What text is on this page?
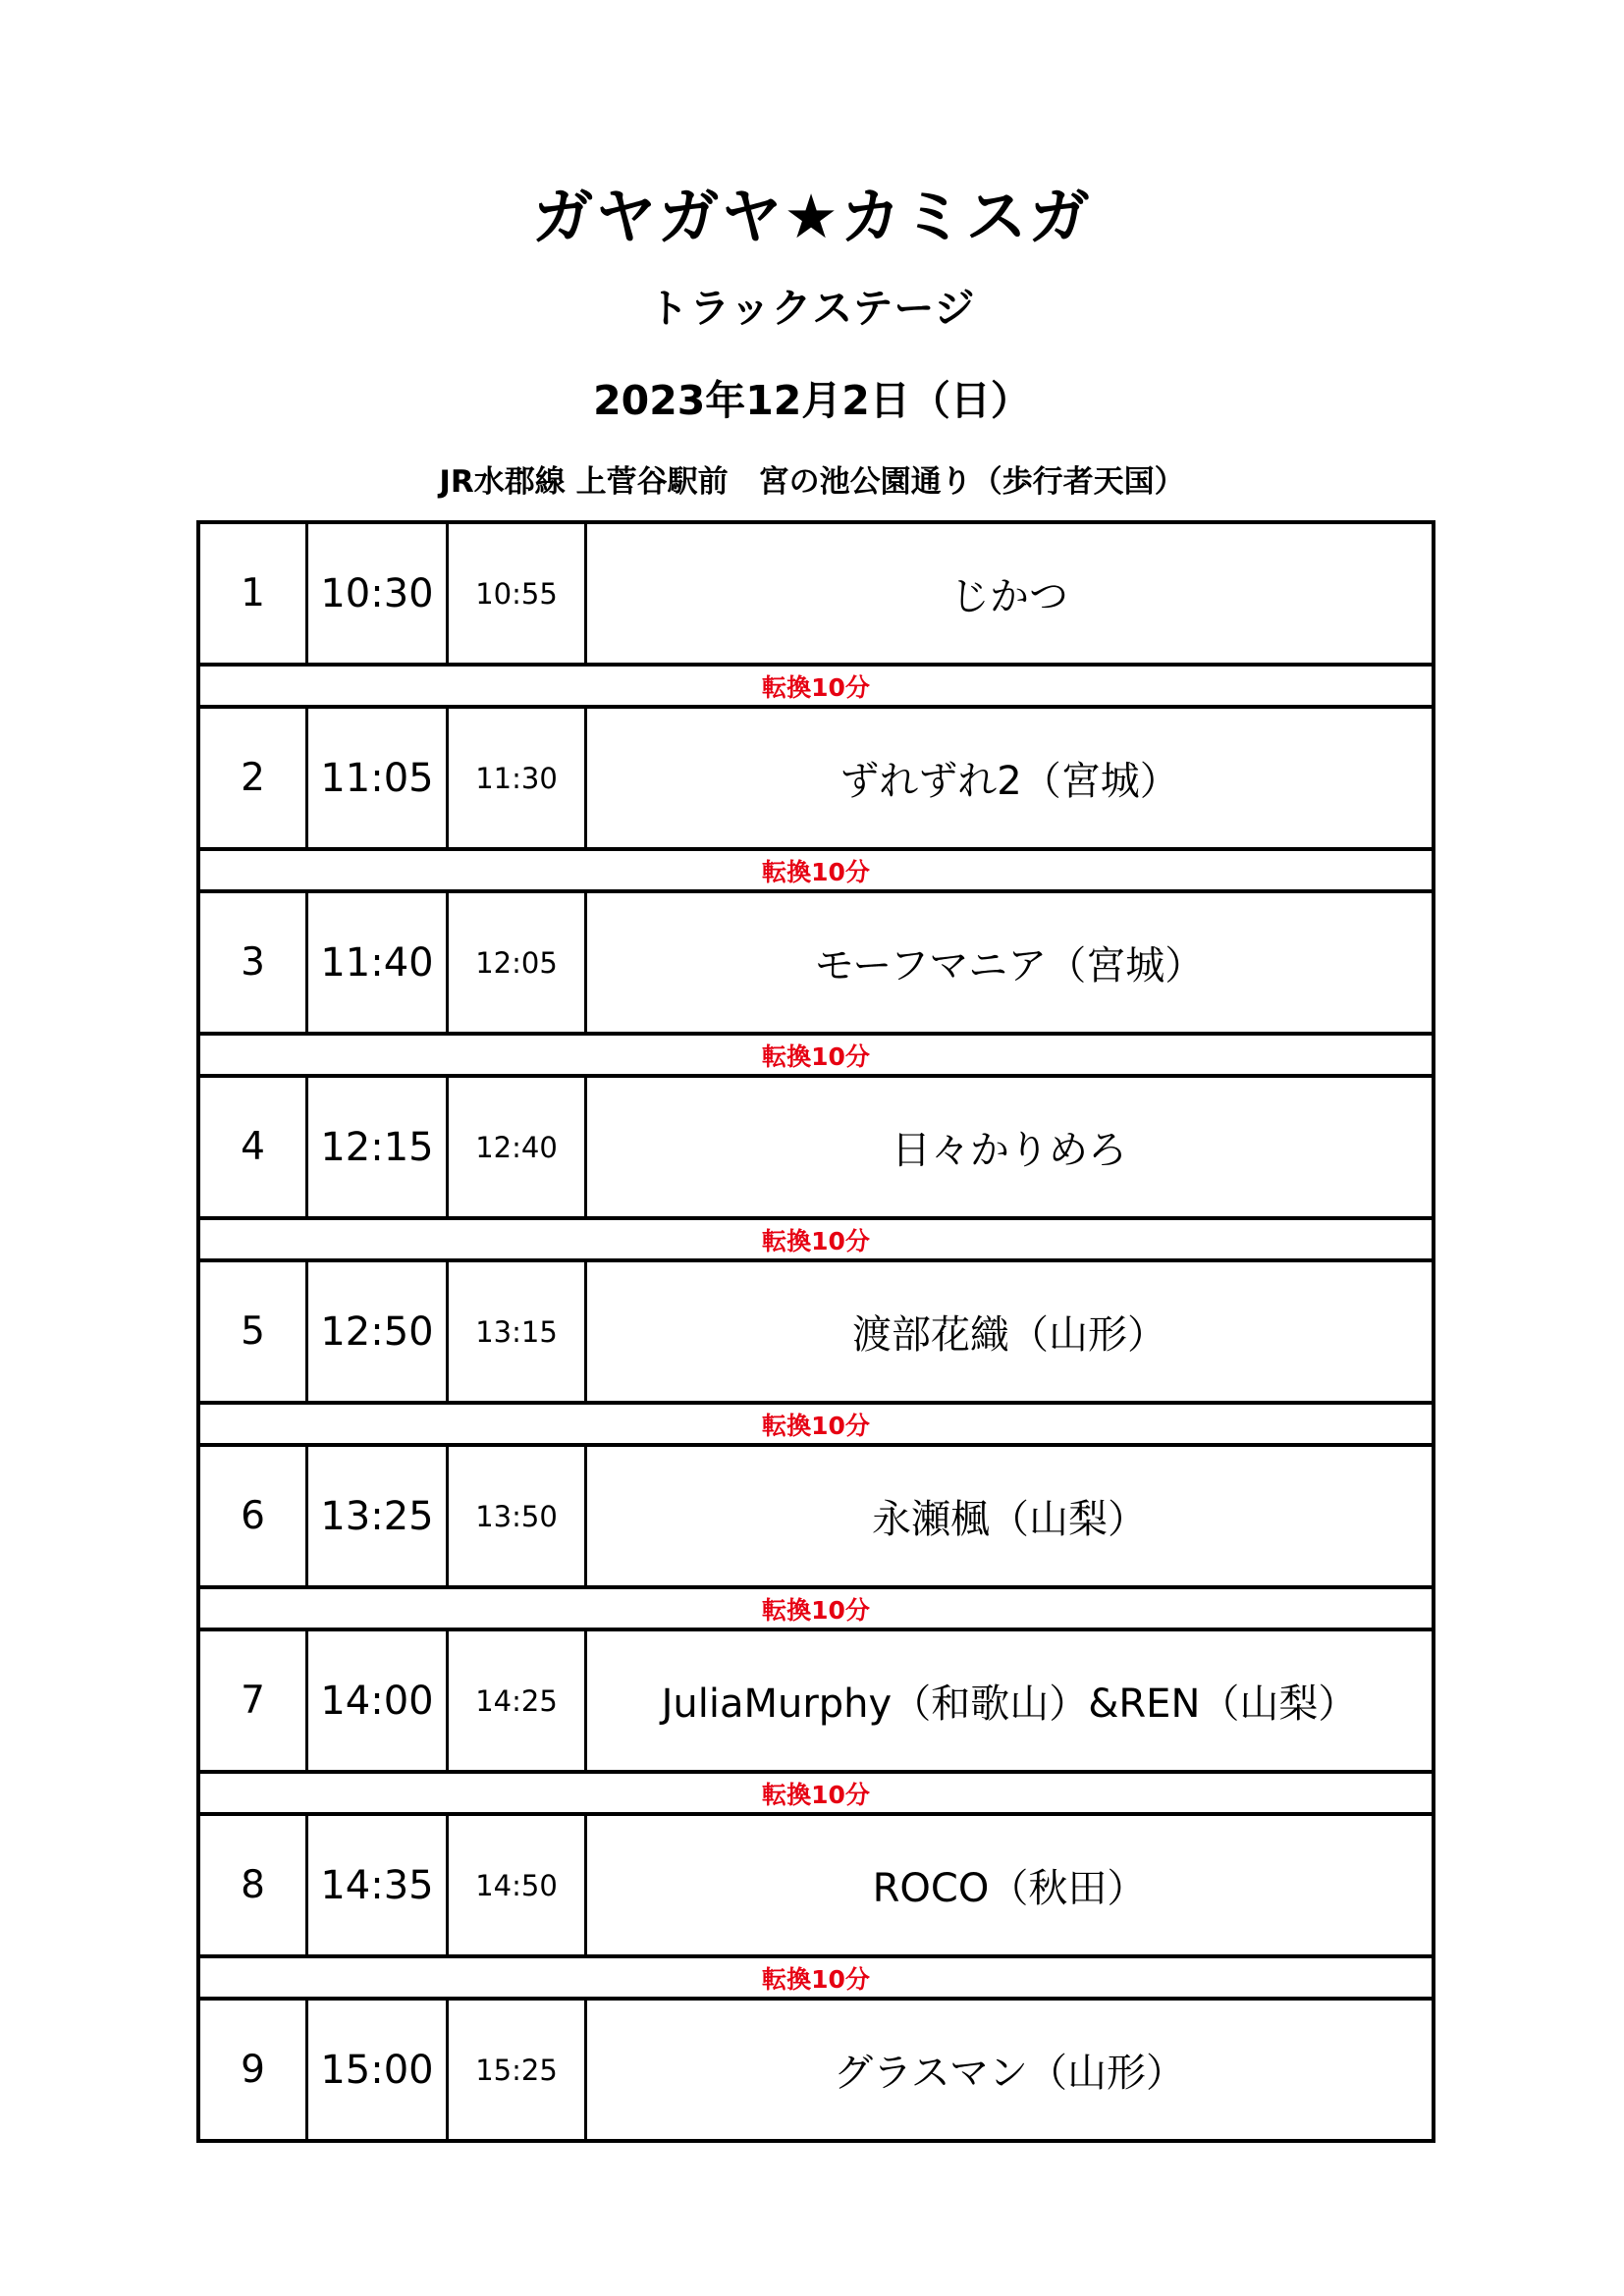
ガヤガヤ★カミスガ
トラックステージ
2023年12月2日（日）
JR水郡線 上菅谷駅前　宮の池公園通り（歩行者天国）
1	10:30	10:55	じかつ
転換10分
2	11:05	11:30	ずれずれ2（宮城）
転換10分
3	11:40	12:05	モーフマニア（宮城）
転換10分
4	12:15	12:40	日々かりめろ
転換10分
5	12:50	13:15	渡部花織（山形）
転換10分
6	13:25	13:50	永瀬楓（山梨）
転換10分
7	14:00	14:25	JuliaMurphy（和歌山）&REN（山梨）
転換10分
8	14:35	14:50	ROCO（秋田）
転換10分
9	15:00	15:25	グラスマン（山形）
